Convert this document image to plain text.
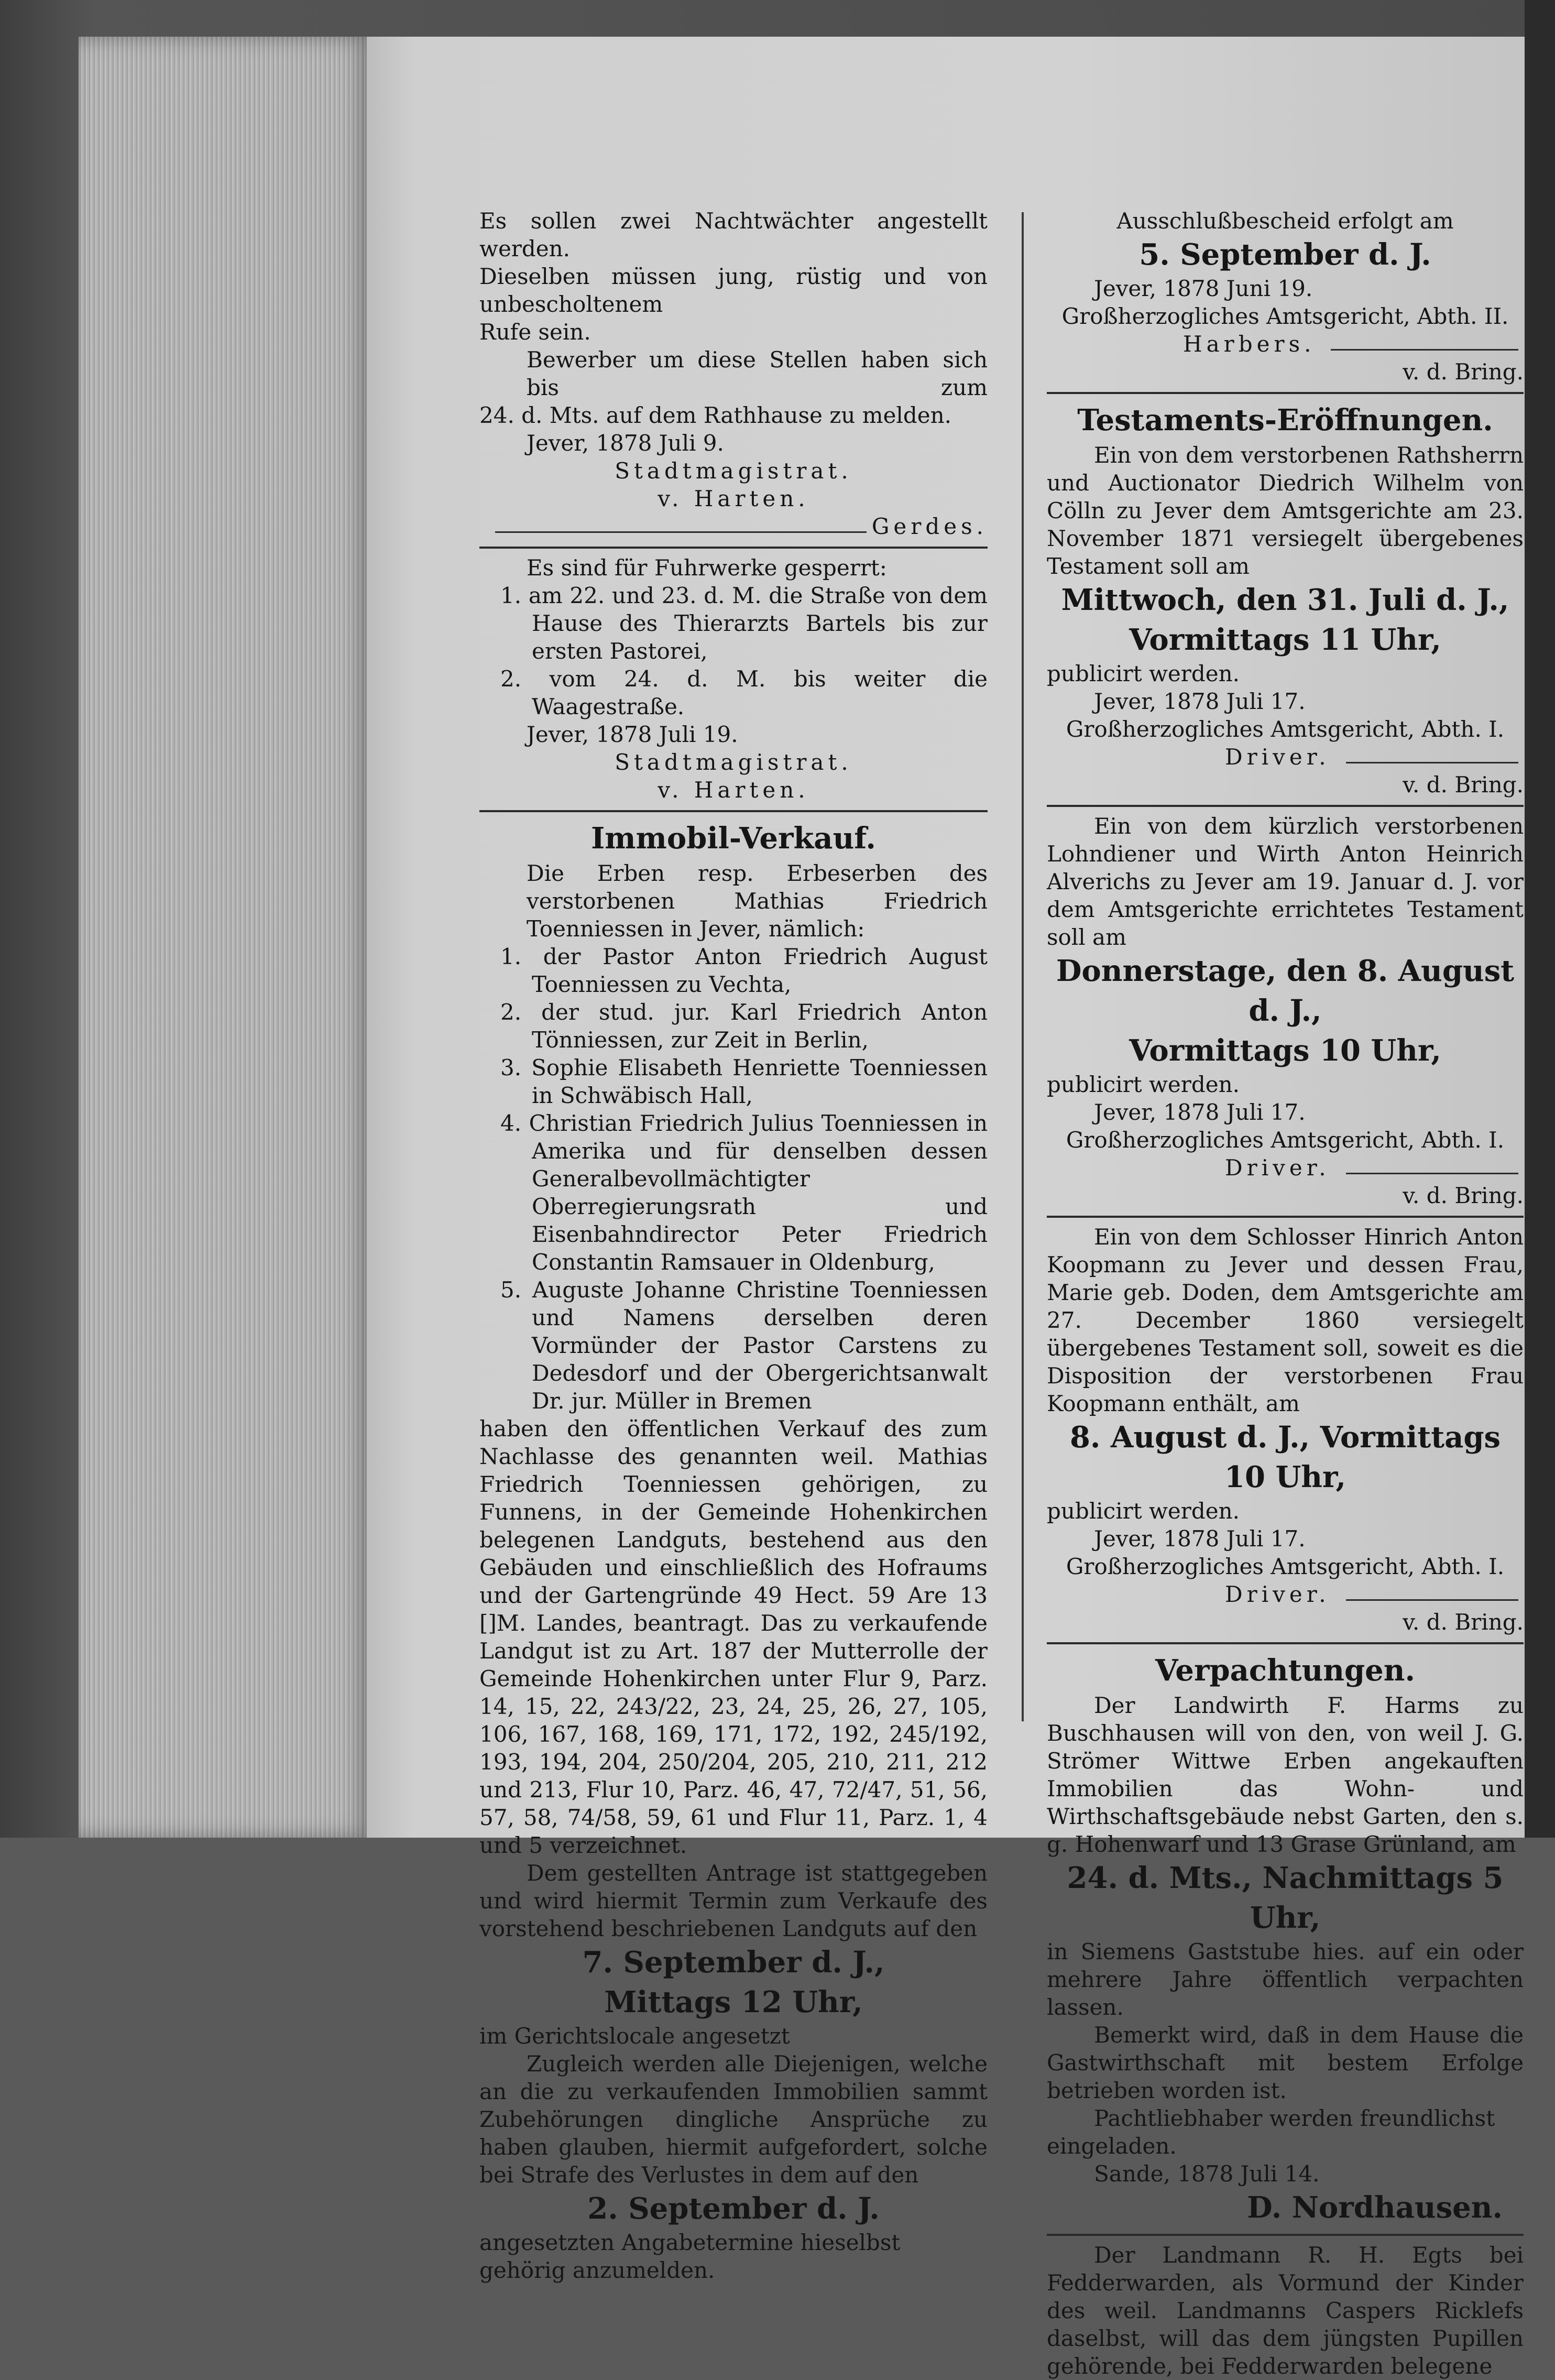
Es sollen zwei Nachtwächter angestellt werden.

Dieselben müssen jung, rüstig und von unbescholtenem

Rufe sein.

Bewerber um diese Stellen haben sich bis zum

24. d. Mts. auf dem Rathhause zu melden.

Jever, 1878 Juli 9.

Stadtmagistrat.

v. Harten.

Gerdes.

Es sind für Fuhrwerke gesperrt:

1. am 22. und 23. d. M. die Straße von dem Hause des Thierarzts Bartels bis zur ersten Pastorei,

2. vom 24. d. M. bis weiter die Waagestraße.

Jever, 1878 Juli 19.

Stadtmagistrat.

v. Harten.

Immobil-Verkauf.

Die Erben resp. Erbeserben des verstorbenen Mathias Friedrich Toenniessen in Jever, nämlich:

1. der Pastor Anton Friedrich August Toenniessen zu Vechta,

2. der stud. jur. Karl Friedrich Anton Tönniessen, zur Zeit in Berlin,

3. Sophie Elisabeth Henriette Toenniessen in Schwäbisch Hall,

4. Christian Friedrich Julius Toenniessen in Amerika und für denselben dessen Generalbevollmächtigter Oberregierungsrath und Eisenbahndirector Peter Friedrich Constantin Ramsauer in Oldenburg,

5. Auguste Johanne Christine Toenniessen und Namens derselben deren Vormünder der Pastor Carstens zu Dedesdorf und der Obergerichtsanwalt Dr. jur. Müller in Bremen

haben den öffentlichen Verkauf des zum Nachlasse des genannten weil. Mathias Friedrich Toenniessen gehörigen, zu Funnens, in der Gemeinde Hohenkirchen belegenen Landguts, bestehend aus den Gebäuden und einschließlich des Hofraums und der Gartengründe 49 Hect. 59 Are 13 []M. Landes, beantragt. Das zu verkaufende Landgut ist zu Art. 187 der Mutterrolle der Gemeinde Hohenkirchen unter Flur 9, Parz. 14, 15, 22, 243/22, 23, 24, 25, 26, 27, 105, 106, 167, 168, 169, 171, 172, 192, 245/192, 193, 194, 204, 250/204, 205, 210, 211, 212 und 213, Flur 10, Parz. 46, 47, 72/47, 51, 56, 57, 58, 74/58, 59, 61 und Flur 11, Parz. 1, 4 und 5 verzeichnet.

Dem gestellten Antrage ist stattgegeben und wird hiermit Termin zum Verkaufe des vorstehend beschriebenen Landguts auf den

7. September d. J.,

Mittags 12 Uhr,

im Gerichtslocale angesetzt

Zugleich werden alle Diejenigen, welche an die zu verkaufenden Immobilien sammt Zubehörungen dingliche Ansprüche zu haben glauben, hiermit aufgefordert, solche bei Strafe des Verlustes in dem auf den

2. September d. J.

angesetzten Angabetermine hieselbst gehörig anzumelden.

Ausschlußbescheid erfolgt am

5. September d. J.

Jever, 1878 Juni 19.

Großherzogliches Amtsgericht, Abth. II.

Harbers.

v. d. Bring.

Testaments-Eröffnungen.

Ein von dem verstorbenen Rathsherrn und Auctionator Diedrich Wilhelm von Cölln zu Jever dem Amtsgerichte am 23. November 1871 versiegelt übergebenes Testament soll am

Mittwoch, den 31. Juli d. J.,

Vormittags 11 Uhr,

publicirt werden.

Jever, 1878 Juli 17.

Großherzogliches Amtsgericht, Abth. I.

Driver.

v. d. Bring.

Ein von dem kürzlich verstorbenen Lohndiener und Wirth Anton Heinrich Alverichs zu Jever am 19. Januar d. J. vor dem Amtsgerichte errichtetes Testament soll am

Donnerstage, den 8. August d. J.,

Vormittags 10 Uhr,

publicirt werden.

Jever, 1878 Juli 17.

Großherzogliches Amtsgericht, Abth. I.

Driver.

v. d. Bring.

Ein von dem Schlosser Hinrich Anton Koopmann zu Jever und dessen Frau, Marie geb. Doden, dem Amtsgerichte am 27. December 1860 versiegelt übergebenes Testament soll, soweit es die Disposition der verstorbenen Frau Koopmann enthält, am

8. August d. J., Vormittags 10 Uhr,

publicirt werden.

Jever, 1878 Juli 17.

Großherzogliches Amtsgericht, Abth. I.

Driver.

v. d. Bring.

Verpachtungen.

Der Landwirth F. Harms zu Buschhausen will von den, von weil J. G. Strömer Wittwe Erben angekauften Immobilien das Wohn- und Wirthschaftsgebäude nebst Garten, den s. g. Hohenwarf und 13 Grase Grünland, am

24. d. Mts., Nachmittags 5 Uhr,

in Siemens Gaststube hies. auf ein oder mehrere Jahre öffentlich verpachten lassen.

Bemerkt wird, daß in dem Hause die Gastwirthschaft mit bestem Erfolge betrieben worden ist.

Pachtliebhaber werden freundlichst eingeladen.

Sande, 1878 Juli 14.

D. Nordhausen.

Der Landmann R. H. Egts bei Fedderwarden, als Vormund der Kinder des weil. Landmanns Caspers Ricklefs daselbst, will das dem jüngsten Pupillen gehörende, bei Fedderwarden belegene
